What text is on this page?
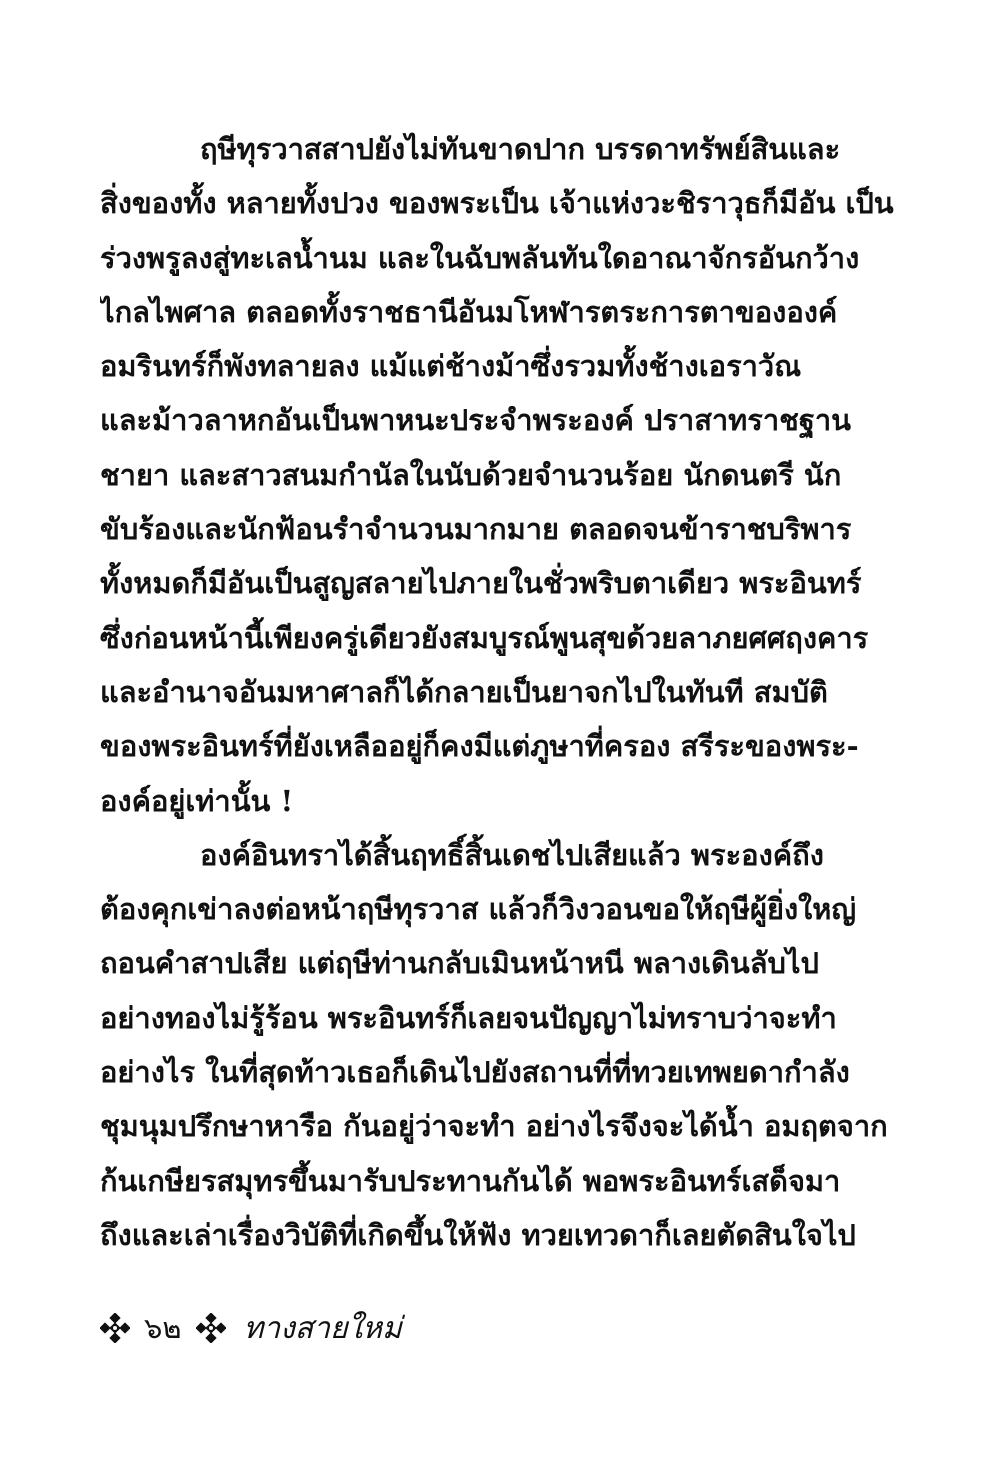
ฤษีทุรวาสสาปยังไม่ทันขาดปาก บรรดาทรัพย์สินและ
สิ่งของทั้ง หลายทั้งปวง ของพระเป็น เจ้าแห่งวะชิราวุธก็มีอัน เป็น
ร่วงพรูลงสู่ทะเลน้ำนม และในฉับพลันทันใดอาณาจักรอันกว้าง
ไกลไพศาล ตลอดทั้งราชธานีอันมโหฬารตระการตาขององค์
อมรินทร์ก็พังทลายลง แม้แต่ช้างม้าซึ่งรวมทั้งช้างเอราวัณ
และม้าวลาหกอันเป็นพาหนะประจำพระองค์ ปราสาทราชฐาน
ชายา และสาวสนมกำนัลในนับด้วยจำนวนร้อย นักดนตรี นัก
ขับร้องและนักฟ้อนรำจำนวนมากมาย ตลอดจนข้าราชบริพาร
ทั้งหมดก็มีอันเป็นสูญสลายไปภายในชั่วพริบตาเดียว พระอินทร์
ซึ่งก่อนหน้านี้เพียงครู่เดียวยังสมบูรณ์พูนสุขด้วยลาภยศศฤงคาร
และอำนาจอันมหาศาลก็ได้กลายเป็นยาจกไปในทันที สมบัติ
ของพระอินทร์ที่ยังเหลืออยู่ก็คงมีแต่ภูษาที่ครอง สรีระของพระ-
องค์อยู่เท่านั้น !
องค์อินทราได้สิ้นฤทธิ์สิ้นเดชไปเสียแล้ว พระองค์ถึง
ต้องคุกเข่าลงต่อหน้าฤษีทุรวาส แล้วก็วิงวอนขอให้ฤษีผู้ยิ่งใหญ่
ถอนคำสาปเสีย แต่ฤษีท่านกลับเมินหน้าหนี พลางเดินลับไป
อย่างทองไม่รู้ร้อน พระอินทร์ก็เลยจนปัญญาไม่ทราบว่าจะทำ
อย่างไร ในที่สุดท้าวเธอก็เดินไปยังสถานที่ที่ทวยเทพยดากำลัง
ชุมนุมปรึกษาหารือ กันอยู่ว่าจะทำ อย่างไรจึงจะได้น้ำ อมฤตจาก
ก้นเกษียรสมุทรขึ้นมารับประทานกันได้ พอพระอินทร์เสด็จมา
ถึงและเล่าเรื่องวิบัติที่เกิดขึ้นให้ฟัง ทวยเทวดาก็เลยตัดสินใจไป
๖๒ ทางสายใหม่
